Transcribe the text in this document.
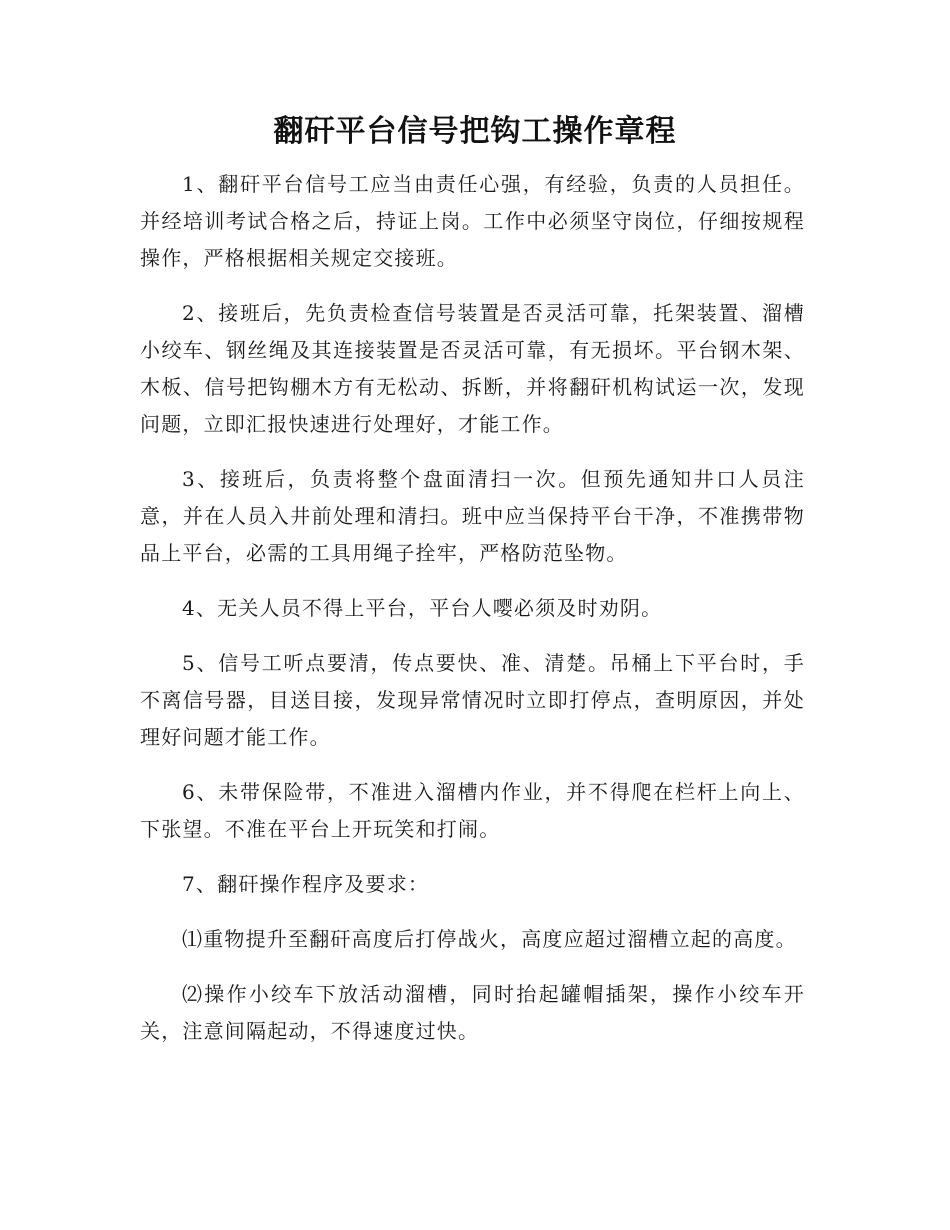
翻矸平台信号把钩工操作章程

1、翻矸平台信号工应当由责任心强，有经验，负责的人员担任。并经培训考试合格之后，持证上岗。工作中必须坚守岗位，仔细按规程操作，严格根据相关规定交接班。

2、接班后，先负责检查信号装置是否灵活可靠，托架装置、溜槽小绞车、钢丝绳及其连接装置是否灵活可靠，有无损坏。平台钢木架、木板、信号把钩棚木方有无松动、拆断，并将翻矸机构试运一次，发现问题，立即汇报快速进行处理好，才能工作。

3、接班后，负责将整个盘面清扫一次。但预先通知井口人员注意，并在人员入井前处理和清扫。班中应当保持平台干净，不准携带物品上平台，必需的工具用绳子拴牢，严格防范坠物。

4、无关人员不得上平台，平台人嘤必须及时劝阴。

5、信号工听点要清，传点要快、准、清楚。吊桶上下平台时，手不离信号器，目送目接，发现异常情况时立即打停点，查明原因，并处理好问题才能工作。

6、未带保险带，不准进入溜槽内作业，并不得爬在栏杆上向上、下张望。不准在平台上开玩笑和打闹。

7、翻矸操作程序及要求：

⑴重物提升至翻矸高度后打停战火，高度应超过溜槽立起的高度。

⑵操作小绞车下放活动溜槽，同时抬起罐帽插架，操作小绞车开关，注意间隔起动，不得速度过快。
